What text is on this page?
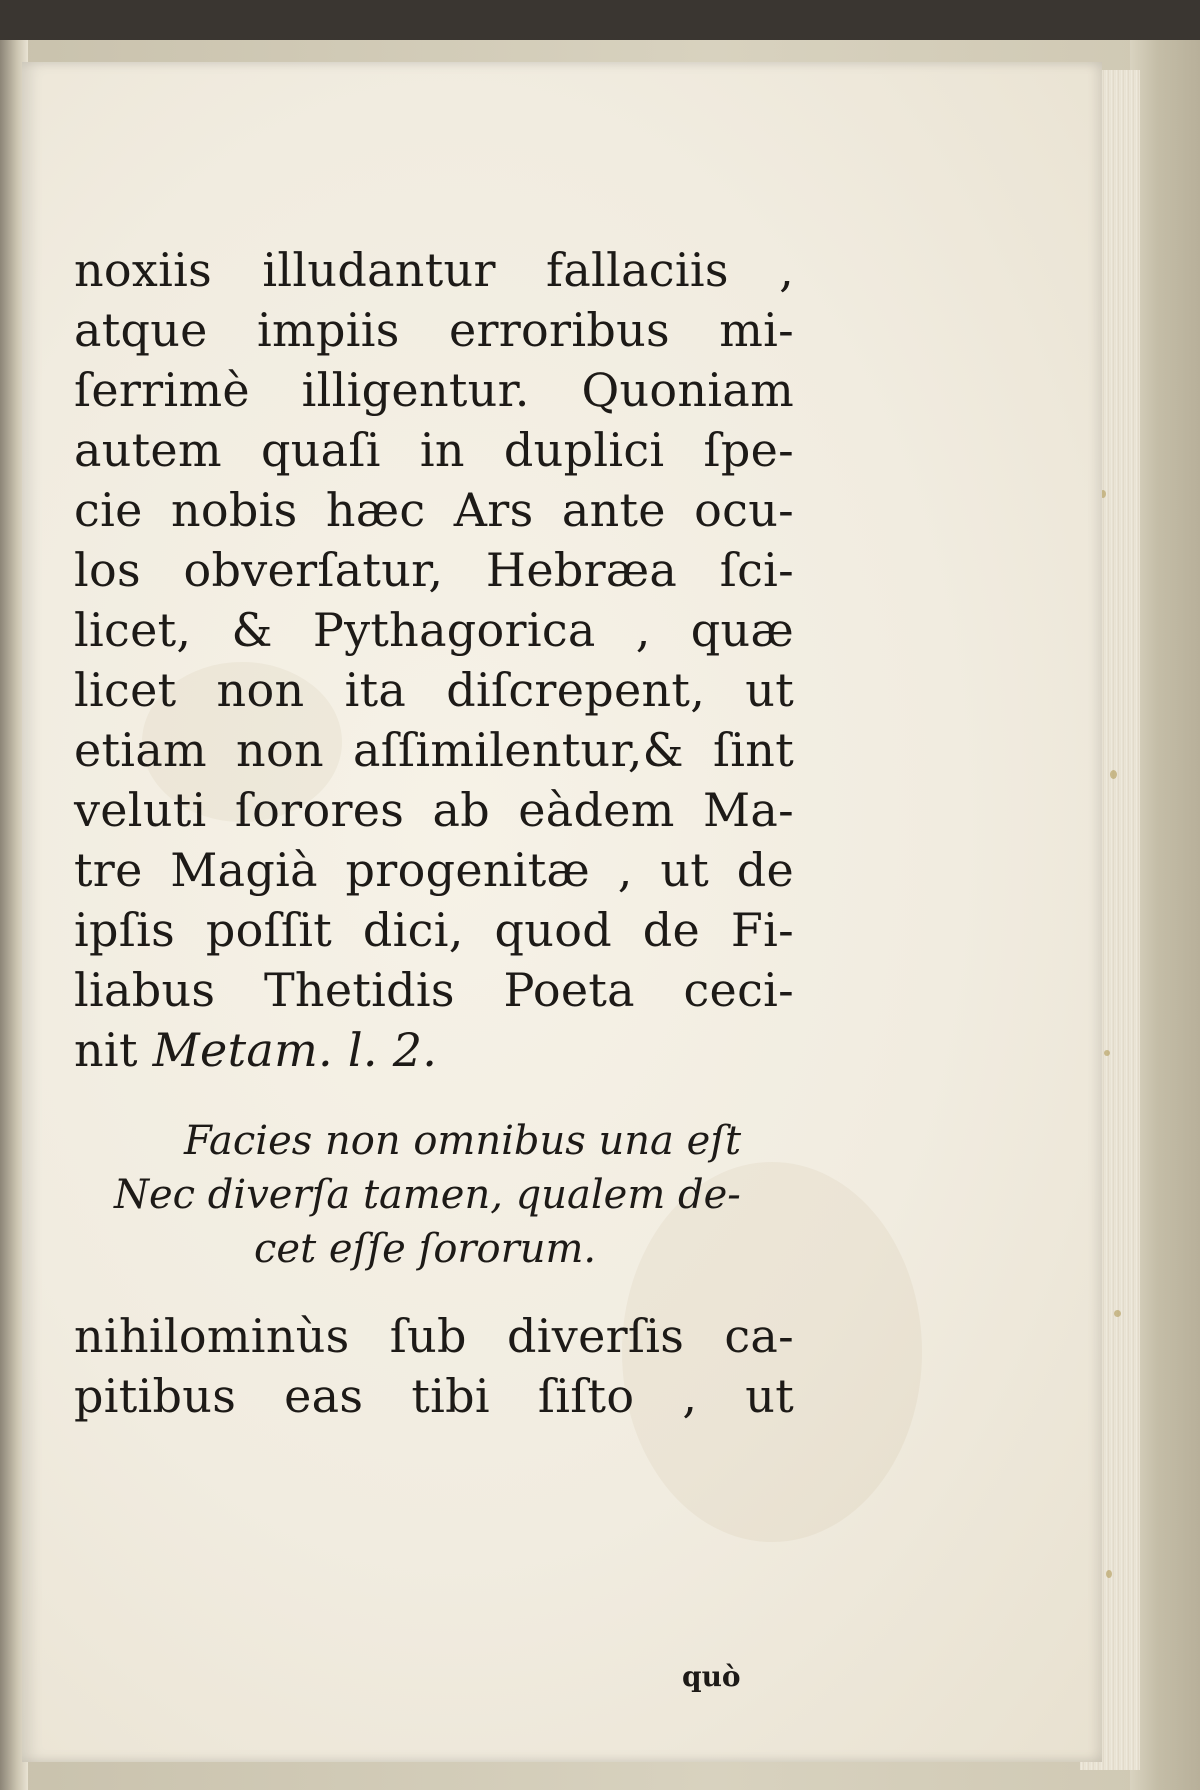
noxiis illudantur fallaciis ,
atque impiis erroribus mi-
ſerrimè illigentur. Quoniam
autem quaſi in duplici ſpe-
cie nobis hæc Ars ante ocu-
los obverſatur, Hebræa ſci-
licet, & Pythagorica , quæ
licet non ita diſcrepent, ut
etiam non aſſimilentur,& ſint
veluti ſorores ab eàdem Ma-
tre Magià progenitæ , ut de
ipſis poſſit dici, quod de Fi-
liabus Thetidis Poeta ceci-
nit Metam. l. 2.
Facies non omnibus una eſt
Nec diverſa tamen, qualem de-
cet eſſe ſororum.
nihilominùs ſub diverſis ca-
pitibus eas tibi ſiſto , ut
quò
